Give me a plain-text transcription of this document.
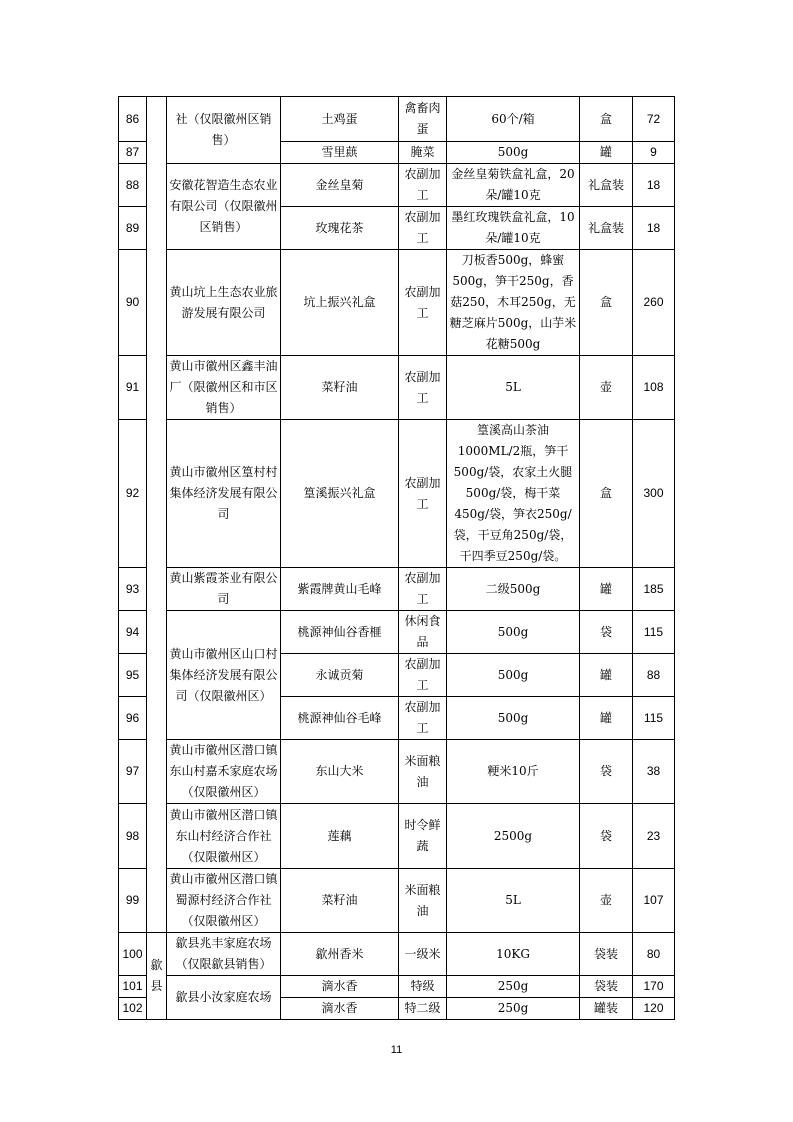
86		社（仅限徽州区销售）	土鸡蛋	禽畜肉蛋	60个/箱	盒	72
87			雪里蕻	腌菜	500g	罐	9
88		安徽花智造生态农业有限公司（仅限徽州区销售）	金丝皇菊	农副加工	金丝皇菊铁盒礼盒，20朵/罐10克	礼盒装	18
89			玫瑰花茶	农副加工	墨红玫瑰铁盒礼盒，10朵/罐10克	礼盒装	18
90		黄山坑上生态农业旅游发展有限公司	坑上振兴礼盒	农副加工	刀板香500g，蜂蜜500g，笋干250g，香菇250，木耳250g，无糖芝麻片500g，山芋米花糖500g	盒	260
91		黄山市徽州区鑫丰油厂（限徽州区和市区销售）	菜籽油	农副加工	5L	壶	108
92		黄山市徽州区篁村村集体经济发展有限公司	篁溪振兴礼盒	农副加工	篁溪高山茶油1000ML/2瓶，笋干500g/袋，农家土火腿500g/袋，梅干菜450g/袋，笋衣250g/袋，干豆角250g/袋，干四季豆250g/袋。	盒	300
93		黄山紫霞茶业有限公司	紫霞牌黄山毛峰	农副加工	二级500g	罐	185
94		黄山市徽州区山口村集体经济发展有限公司（仅限徽州区）	桃源神仙谷香榧	休闲食品	500g	袋	115
95			永诚贡菊	农副加工	500g	罐	88
96			桃源神仙谷毛峰	农副加工	500g	罐	115
97		黄山市徽州区潜口镇东山村嘉禾家庭农场（仅限徽州区）	东山大米	米面粮油	粳米10斤	袋	38
98		黄山市徽州区潜口镇东山村经济合作社（仅限徽州区）	莲藕	时令鲜蔬	2500g	袋	23
99		黄山市徽州区潜口镇蜀源村经济合作社（仅限徽州区）	菜籽油	米面粮油	5L	壶	107
100	歙县	歙县兆丰家庭农场（仅限歙县销售）	歙州香米	一级米	10KG	袋装	80
101		歙县小汝家庭农场	滴水香	特级	250g	袋装	170
102			滴水香	特二级	250g	罐装	120
11
